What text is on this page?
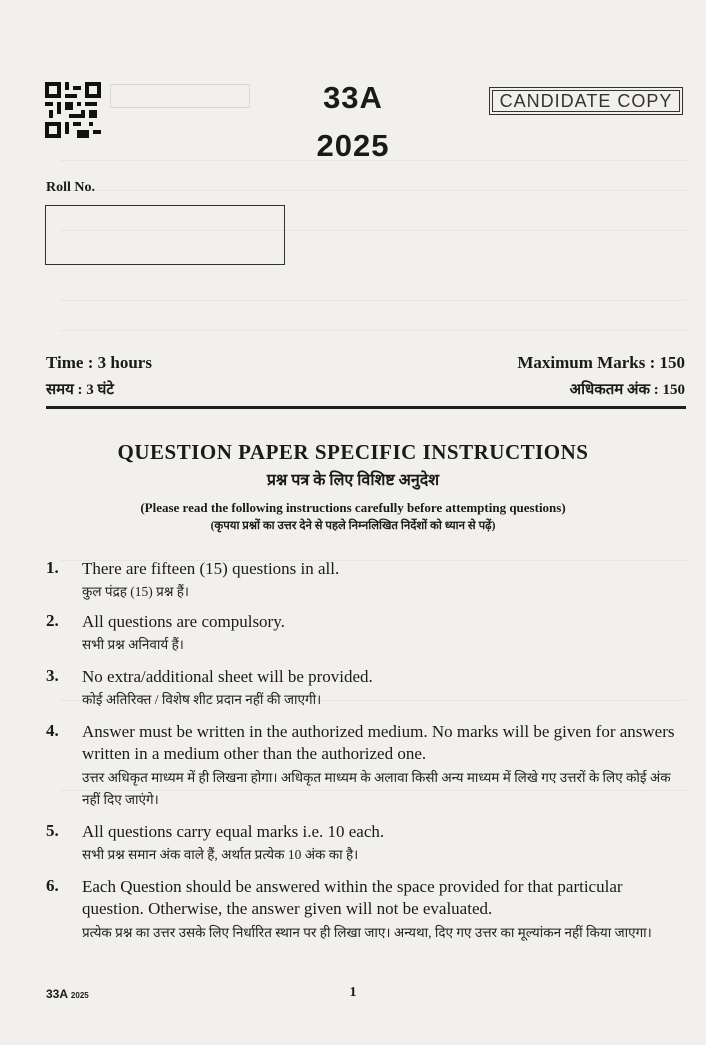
33A
2025
CANDIDATE COPY
Roll No.
Time : 3 hours
समय : 3 घंटे
Maximum Marks : 150
अधिकतम अंक : 150
QUESTION PAPER SPECIFIC INSTRUCTIONS
प्रश्न पत्र के लिए विशिष्ट अनुदेश
(Please read the following instructions carefully before attempting questions)
(कृपया प्रश्नों का उत्तर देने से पहले निम्नलिखित निर्देशों को ध्यान से पढ़ें)
1. There are fifteen (15) questions in all.
कुल पंद्रह (15) प्रश्न हैं।
2. All questions are compulsory.
सभी प्रश्न अनिवार्य हैं।
3. No extra/additional sheet will be provided.
कोई अतिरिक्त / विशेष शीट प्रदान नहीं की जाएगी।
4. Answer must be written in the authorized medium. No marks will be given for answers written in a medium other than the authorized one.
उत्तर अधिकृत माध्यम में ही लिखना होगा। अधिकृत माध्यम के अलावा किसी अन्य माध्यम में लिखे गए उत्तरों के लिए कोई अंक नहीं दिए जाएंगे।
5. All questions carry equal marks i.e. 10 each.
सभी प्रश्न समान अंक वाले हैं, अर्थात प्रत्येक 10 अंक का है।
6. Each Question should be answered within the space provided for that particular question. Otherwise, the answer given will not be evaluated.
प्रत्येक प्रश्न का उत्तर उसके लिए निर्धारित स्थान पर ही लिखा जाए। अन्यथा, दिए गए उत्तर का मूल्यांकन नहीं किया जाएगा।
33A 2025	1
